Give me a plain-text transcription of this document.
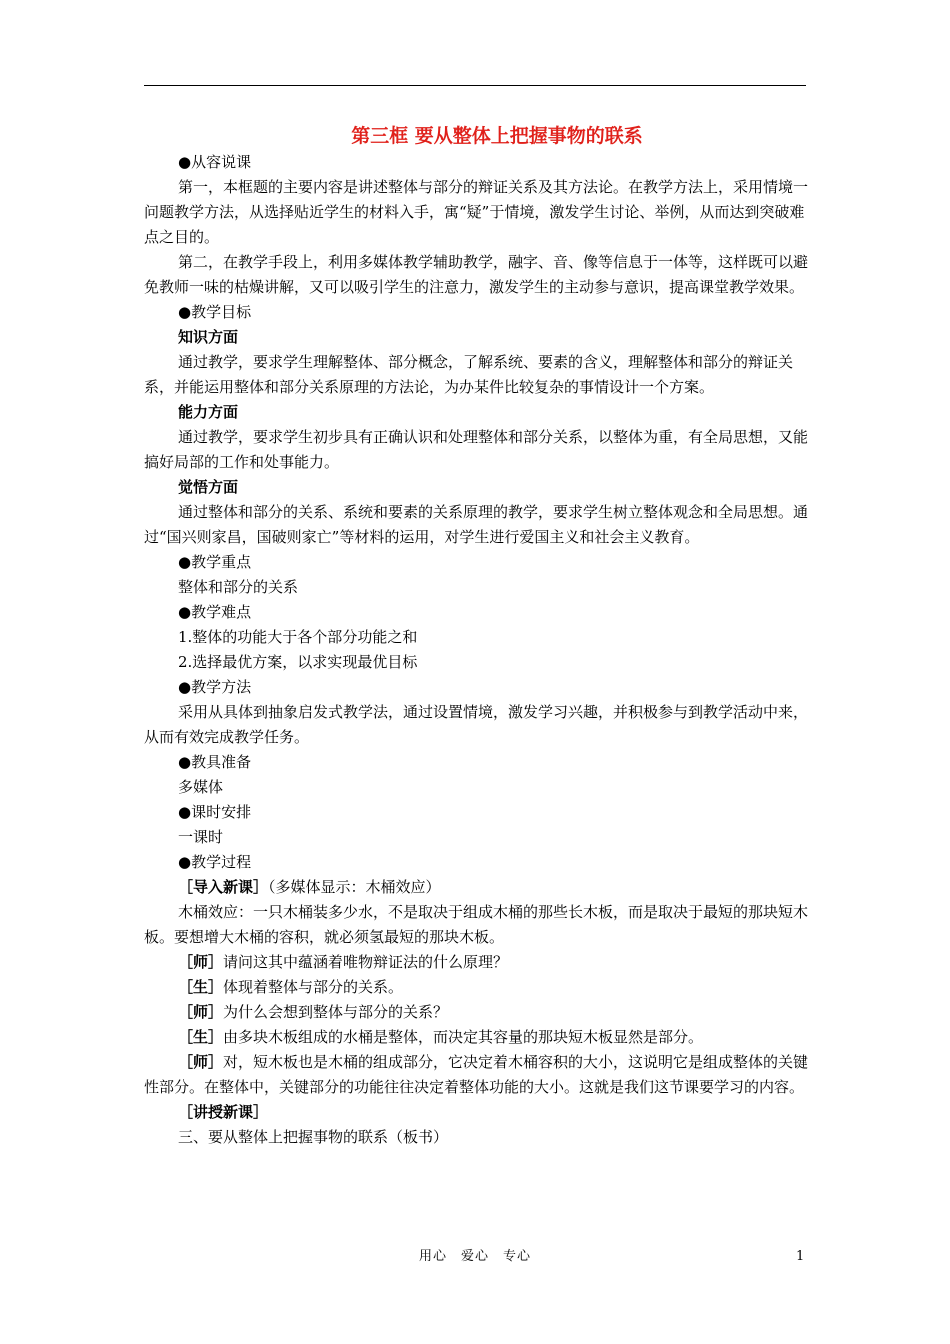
第三框 要从整体上把握事物的联系

●从容说课

第一，本框题的主要内容是讲述整体与部分的辩证关系及其方法论。在教学方法上，采用情境一问题教学方法，从选择贴近学生的材料入手，寓“疑”于情境，激发学生讨论、举例，从而达到突破难点之目的。

第二，在教学手段上，利用多媒体教学辅助教学，融字、音、像等信息于一体等，这样既可以避免教师一味的枯燥讲解，又可以吸引学生的注意力，激发学生的主动参与意识，提高课堂教学效果。

●教学目标

知识方面

通过教学，要求学生理解整体、部分概念，了解系统、要素的含义，理解整体和部分的辩证关系，并能运用整体和部分关系原理的方法论，为办某件比较复杂的事情设计一个方案。

能力方面

通过教学，要求学生初步具有正确认识和处理整体和部分关系，以整体为重，有全局思想，又能搞好局部的工作和处事能力。

觉悟方面

通过整体和部分的关系、系统和要素的关系原理的教学，要求学生树立整体观念和全局思想。通过“国兴则家昌，国破则家亡”等材料的运用，对学生进行爱国主义和社会主义教育。

●教学重点

整体和部分的关系

●教学难点

1.整体的功能大于各个部分功能之和

2.选择最优方案，以求实现最优目标

●教学方法

采用从具体到抽象启发式教学法，通过设置情境，激发学习兴趣，并积极参与到教学活动中来，从而有效完成教学任务。

●教具准备

多媒体

●课时安排

一课时

●教学过程

［导入新课］（多媒体显示：木桶效应）

木桶效应：一只木桶装多少水，不是取决于组成木桶的那些长木板，而是取决于最短的那块短木板。要想增大木桶的容积，就必须氢最短的那块木板。

［师］请问这其中蕴涵着唯物辩证法的什么原理？

［生］体现着整体与部分的关系。

［师］为什么会想到整体与部分的关系？

［生］由多块木板组成的水桶是整体，而决定其容量的那块短木板显然是部分。

［师］对，短木板也是木桶的组成部分，它决定着木桶容积的大小，这说明它是组成整体的关键性部分。在整体中，关键部分的功能往往决定着整体功能的大小。这就是我们这节课要学习的内容。

［讲授新课］

三、要从整体上把握事物的联系（板书）

用心　爱心　专心	1
